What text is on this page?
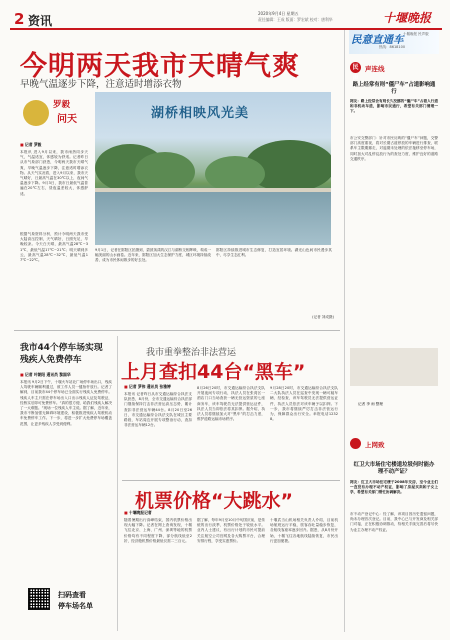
2 资讯
2020年9月4日 星期五
责任编辑：王成 版面：罗宏斌 校对：唐利华	十堰晚报
今明两天我市天晴气爽
早晚气温逐步下降，注意适时增添衣物
罗毅
问天	湖桥相映风光美
■ 记者 罗毅
本报讯 进入9月以来，我市雨热同步天气，气温适宜，体感较为舒适。记者昨日从市气象部门获悉，今明两天我市天晴气爽，早晚气温逐步下降，注意适时增添衣物。从天气实况看，进入9月以来，我市天气晴好，日最高气温在30℃以上，夜间气温逐步下降。9月3日，我市日最低气温普遍在20℃左右，昼夜温差较大，体感舒适。
9月1日，记者在郧阳区拍摄到，碧波荡漾的汉江与湖桥交相辉映，构成一幅美丽的山水画卷。近年来，郧阳区加大生态保护力度，城区环境持续改善，成为市民休闲散步的好去处。
郧阳区持续推进城市生态修复，打造宜居环境。湖光山色间市民漫步其中，尽享生态红利。
(记者 刘成摄)
根据气象资料分析，预计今明两天我市受大陆高压控制，天气晴好，日照充足，早晚较凉。今天白天晴，最高气温28℃~31℃，最低气温17℃~21℃；明天晴到多云，最高气温28℃~32℃，最低气温17℃~22℃。
我市44个停车场实现残疾人免费停车
■ 记者 叶朝阳 通讯员 黎国华
本报讯 9月2日下午，十堰火车站北广场停车场出口，残疾人驾驶车辆顺利通过，被工作人员一键抬杆放行。记者了解到，目前我市44个停车场已全面实行残疾人免费停车。残疾人车主只需在停车场出入口出示残疾人证及驾驶证，经核实后即可免费停车。“真的很方便，给我们残疾人解决了一大难题。”现场一位残疾人车主说。据了解，近年来，我市不断加强无障碍环境建设，积极推进残疾人驾驶机动车免费停车工作。下一步，将进一步扩大免费停车场覆盖范围，让更多残疾人享受到便利。
扫码查看
停车场名单
我市重拳整治非法营运
上月查扣44台“黑车”
■ 记者 罗伟 通讯员 张雅婷
本报讯 记者昨日从市交通运输综合执法支队获悉，8月份，全市交通运输综合执法部门继续保持打击非法营运高压态势，累计查扣非法营运车辆44台。8月20日至26日，市交通运输综合执法支队在城区主要路段、车站周边开展专项整治行动，查扣非法营运车辆12台。
8月26日20时，市交通运输综合执法支队开展夜间专项行动，执法人员在张湾区一酒店门口当场查获一辆无营运资质的七座商务车，该车驾驶员无法提供营运证件，执法人员当即依法将其扣押。据介绍，执法人员将继续加大对“黑车”的打击力度，维护道路运输市场秩序。
9月28日20时，市交通运输综合执法支队二大队执法人员在巡查中发现一辆可疑车辆，经检查，该车驾驶员无法提供营运证件，执法人员依法对该车辆予以扣押。下一步，我市将继续严厉打击非法营运行为，保障群众出行安全。举报电话12328。
机票价格“大跳水”
■ 十堰晚报记者
随着暑期出行高峰结束，国内机票价格出现大幅下降。记者在网上查询发现，十堰飞往北京、上海、广州、深圳等地的机票价格均有不同程度下降，部分航线低至2折，经济舱机票价格最低仅需二三百元。
据了解，每年9月至10月中旬国庆前，是传统的出行淡季，机票价格处于较低水平。业内人士建议，有出行计划的市民可提前关注航空公司官网及各大购票平台，合理安排行程，享受实惠票价。
十堰武当山机场相关负责人介绍，目前机场航班运行平稳，旅客吞吐量稳步恢复，各航线客座率逐步回升。据悉，从8月份开始，十堰飞往各地航线陆续恢复，市民出行更加便捷。
民意直通车 十堰晚报 民声版
热线：8618100
民声
声连线
路上经常有则“僵尸车”占道影响通行
网友：路上经常会有则长久没挪的“僵尸车”占着人行道和非机动车道，影响市民通行，希望有关部门清理一下。
市公安交警部门：针对市民反映的“僵尸车”问题，交警部门高度重视，将对长期占道停放的车辆进行排查，联系车主限期挪走，对逾期未处理的依法拖移至停车场，同时加大对乱停乱放行为的查处力度，维护良好的道路交通秩序。
记者 李 雨 整理
上网致
红卫大市场住宅楼道垃圾何时能办理不动产证？
网友：红卫大市场住宅楼于2008年交房，至今业主们一直没有办理不动产权证，影响了房屋买卖和子女上学，希望有关部门帮忙协调解决。
市不动产登记中心：经了解，该项目因历史遗留问题，尚未办理首次登记。目前，我中心已与开发商及相关部门对接，正在积极协调推动，待相关手续完善后将尽快为业主办理不动产权证。
